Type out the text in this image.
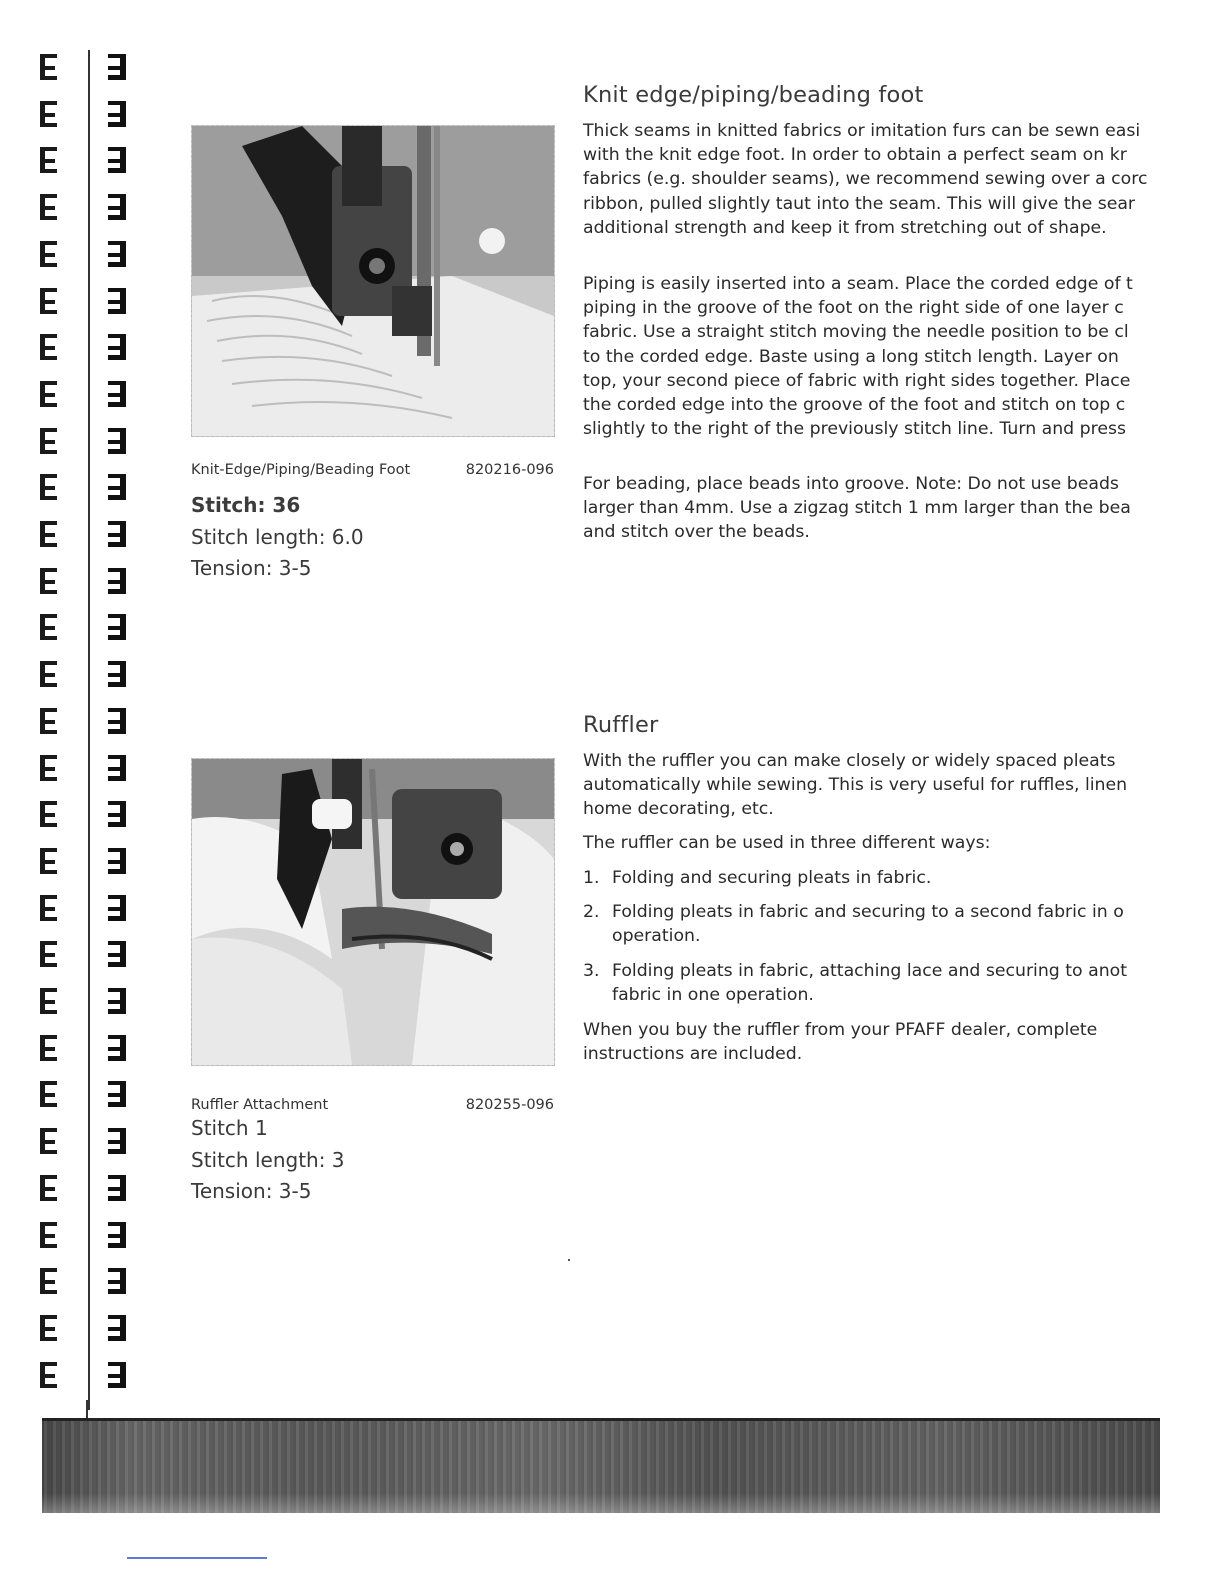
Knit-Edge/Piping/Beading Foot	820216-096
Stitch: 36
Stitch length: 6.0
Tension: 3-5
Ruffler Attachment	820255-096
Stitch 1
Stitch length: 3
Tension: 3-5
Knit edge/piping/beading foot

Thick seams in knitted fabrics or imitation furs can be sewn easi

with the knit edge foot. In order to obtain a perfect seam on kr

fabrics (e.g. shoulder seams), we recommend sewing over a corc

ribbon, pulled slightly taut into the seam. This will give the sear

additional strength and keep it from stretching out of shape.

Piping is easily inserted into a seam. Place the corded edge of t

piping in the groove of the foot on the right side of one layer c

fabric. Use a straight stitch moving the needle position to be cl

to the corded edge. Baste using a long stitch length. Layer on

top, your second piece of fabric with right sides together. Place

the corded edge into the groove of the foot and stitch on top c

slightly to the right of the previously stitch line. Turn and press

For beading, place beads into groove. Note: Do not use beads

larger than 4mm. Use a zigzag stitch 1 mm larger than the bea

and stitch over the beads.

Ruffler

With the ruffler you can make closely or widely spaced pleats

automatically while sewing. This is very useful for ruffles, linen

home decorating, etc.

The ruffler can be used in three different ways:

1. Folding and securing pleats in fabric.
2. Folding pleats in fabric and securing to a second fabric in o
operation.
3. Folding pleats in fabric, attaching lace and securing to anot
fabric in one operation.

When you buy the ruffler from your PFAFF dealer, complete

instructions are included.
